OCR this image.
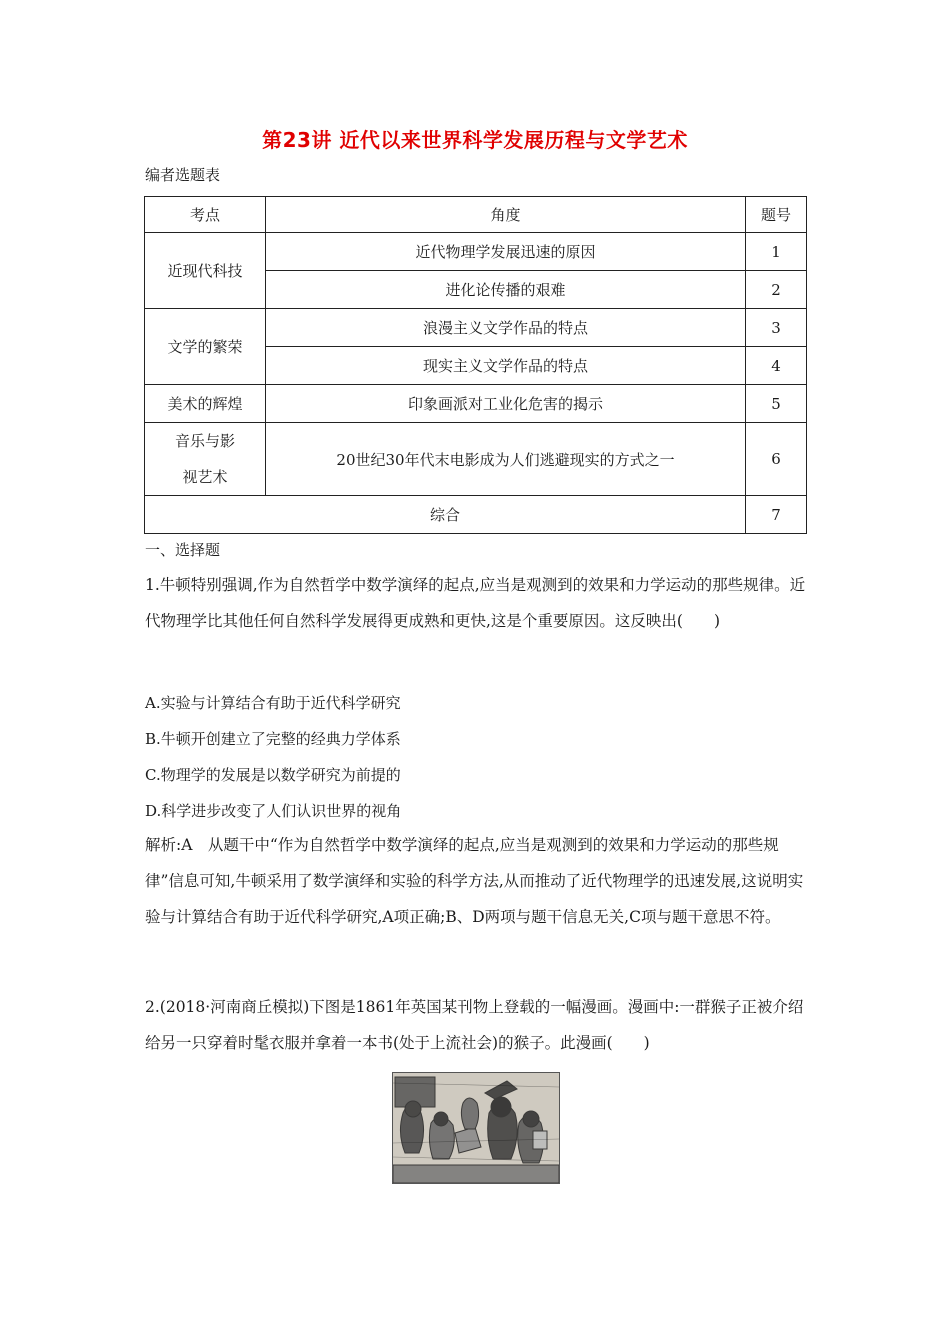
第23讲 近代以来世界科学发展历程与文学艺术
编者选题表
考点	角度	题号
近现代科技	近代物理学发展迅速的原因	1
	进化论传播的艰难	2
文学的繁荣	浪漫主义文学作品的特点	3
	现实主义文学作品的特点	4
美术的辉煌	印象画派对工业化危害的揭示	5
音乐与影
视艺术	20世纪30年代末电影成为人们逃避现实的方式之一	6
综合		7
一、选择题
1.牛顿特别强调,作为自然哲学中数学演绎的起点,应当是观测到的效果和力学运动的那些规律。近代物理学比其他任何自然科学发展得更成熟和更快,这是个重要原因。这反映出(　　)
A.实验与计算结合有助于近代科学研究
B.牛顿开创建立了完整的经典力学体系
C.物理学的发展是以数学研究为前提的
D.科学进步改变了人们认识世界的视角
解析:A　从题干中“作为自然哲学中数学演绎的起点,应当是观测到的效果和力学运动的那些规律”信息可知,牛顿采用了数学演绎和实验的科学方法,从而推动了近代物理学的迅速发展,这说明实验与计算结合有助于近代科学研究,A项正确;B、D两项与题干信息无关,C项与题干意思不符。
2.(2018·河南商丘模拟)下图是1861年英国某刊物上登载的一幅漫画。漫画中:一群猴子正被介绍给另一只穿着时髦衣服并拿着一本书(处于上流社会)的猴子。此漫画(　　)
